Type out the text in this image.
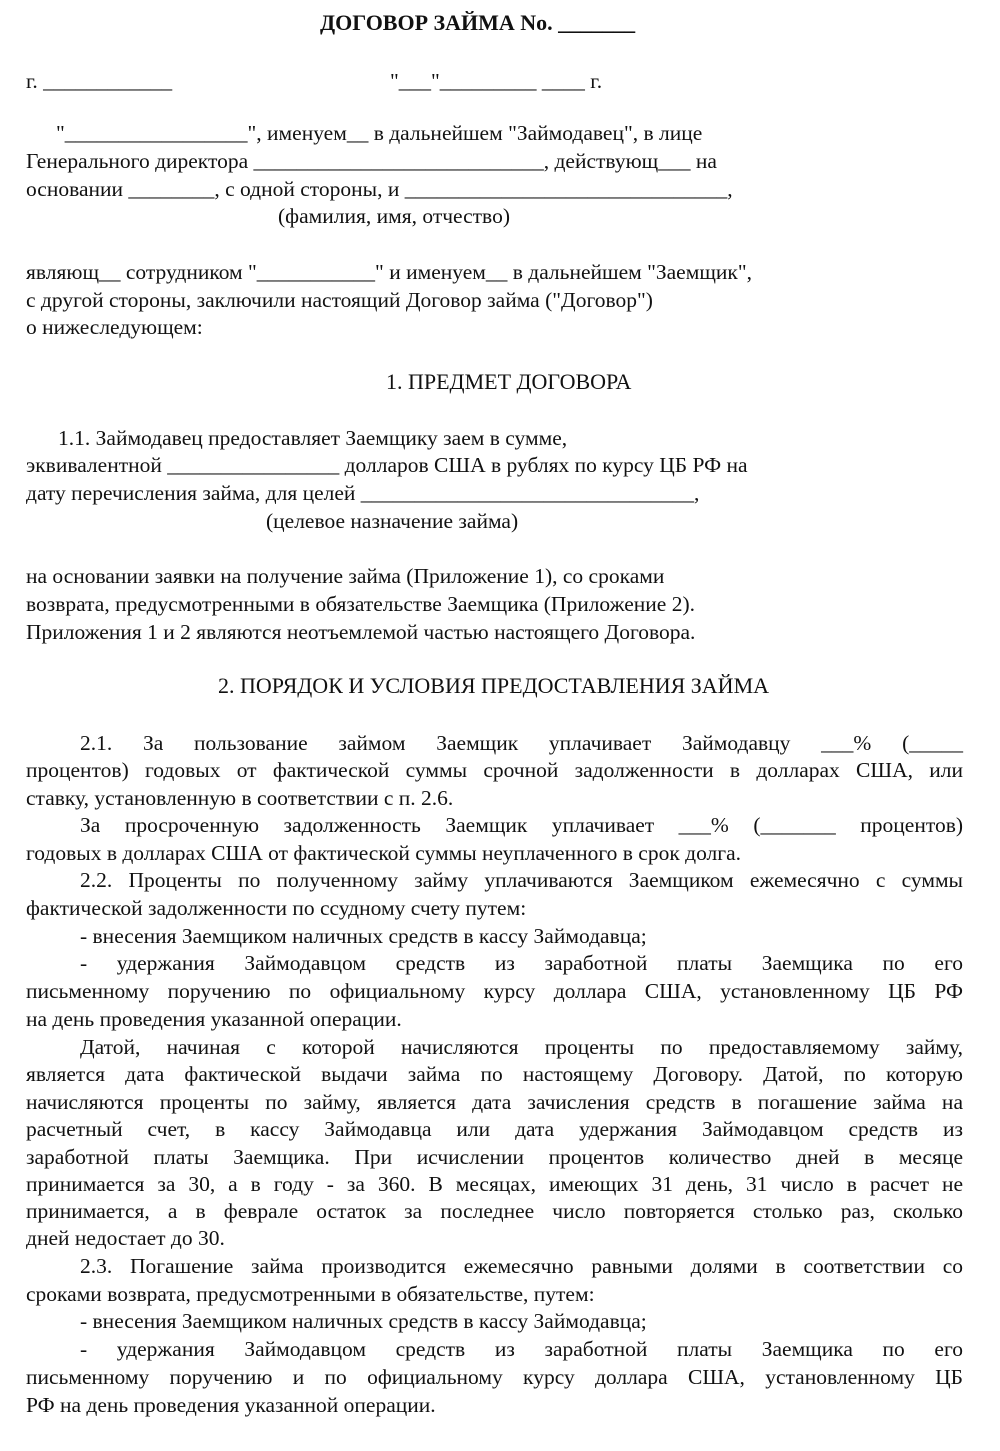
ДОГОВОР ЗАЙМА No. _______

г. ____________	"___"_________ ____ г.

"_________________", именуем__ в дальнейшем "Займодавец", в лице

Генерального директора ___________________________, действующ___ на

основании ________, с одной стороны, и ______________________________,

(фамилия, имя, отчество)

являющ__ сотрудником "___________" и именуем__ в дальнейшем "Заемщик",

с другой стороны, заключили настоящий Договор займа ("Договор")

о нижеследующем:

1. ПРЕДМЕТ ДОГОВОРА

1.1. Займодавец предоставляет Заемщику заем в сумме,

эквивалентной ________________ долларов США в рублях по курсу ЦБ РФ на

дату перечисления займа, для целей _______________________________,

(целевое назначение займа)

на основании заявки на получение займа (Приложение 1), со сроками

возврата, предусмотренными в обязательстве Заемщика (Приложение 2).

Приложения 1 и 2 являются неотъемлемой частью настоящего Договора.

2. ПОРЯДОК И УСЛОВИЯ ПРЕДОСТАВЛЕНИЯ ЗАЙМА

2.1. За пользование займом Заемщик уплачивает Займодавцу ___% (_____

процентов) годовых от фактической суммы срочной задолженности в долларах США, или

ставку, установленную в соответствии с п. 2.6.

За просроченную задолженность Заемщик уплачивает ___% (_______ процентов)

годовых в долларах США от фактической суммы неуплаченного в срок долга.

2.2. Проценты по полученному займу уплачиваются Заемщиком ежемесячно с суммы

фактической задолженности по ссудному счету путем:

- внесения Заемщиком наличных средств в кассу Займодавца;

- удержания Займодавцом средств из заработной платы Заемщика по его

письменному поручению по официальному курсу доллара США, установленному ЦБ РФ

на день проведения указанной операции.

Датой, начиная с которой начисляются проценты по предоставляемому займу,

является дата фактической выдачи займа по настоящему Договору. Датой, по которую

начисляются проценты по займу, является дата зачисления средств в погашение займа на

расчетный счет, в кассу Займодавца или дата удержания Займодавцом средств из

заработной платы Заемщика. При исчислении процентов количество дней в месяце

принимается за 30, а в году - за 360. В месяцах, имеющих 31 день, 31 число в расчет не

принимается, а в феврале остаток за последнее число повторяется столько раз, сколько

дней недостает до 30.

2.3. Погашение займа производится ежемесячно равными долями в соответствии со

сроками возврата, предусмотренными в обязательстве, путем:

- внесения Заемщиком наличных средств в кассу Займодавца;

- удержания Займодавцом средств из заработной платы Заемщика по его

письменному поручению и по официальному курсу доллара США, установленному ЦБ

РФ на день проведения указанной операции.
